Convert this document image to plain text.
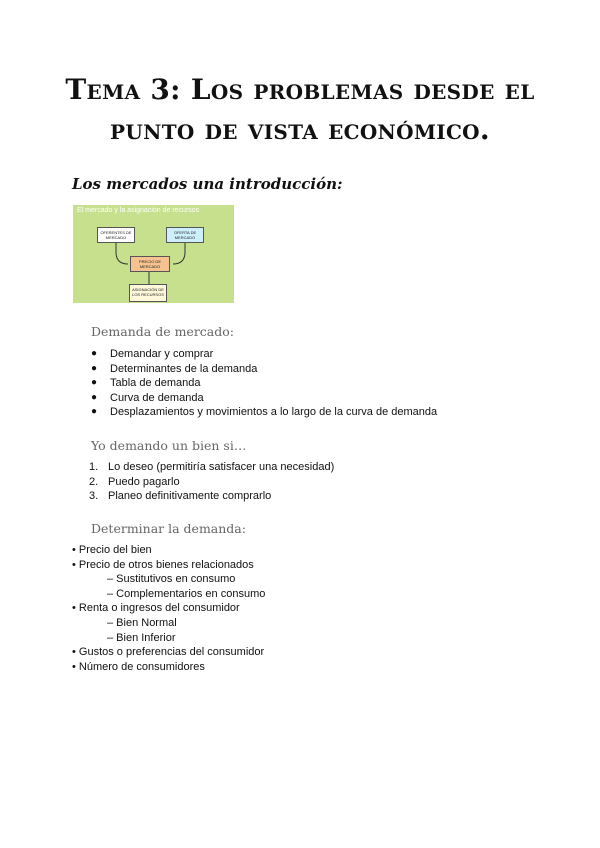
Tema 3: Los problemas desde el
punto de vista económico.
Los mercados una introducción:
El mercado y la asignación de recursos
OFERENTES DE MERCADO
OFERTA DE MERCADO
PRECIO DE MERCADO
ASIGNACIÓN DE LOS RECURSOS
Demanda de mercado:
● Demandar y comprar
● Determinantes de la demanda
● Tabla de demanda
● Curva de demanda
● Desplazamientos y movimientos a lo largo de la curva de demanda
Yo demando un bien si…
1. Lo deseo (permitiría satisfacer una necesidad)
2. Puedo pagarlo
3. Planeo definitivamente comprarlo
Determinar la demanda:
• Precio del bien
• Precio de otros bienes relacionados
– Sustitutivos en consumo
– Complementarios en consumo
• Renta o ingresos del consumidor
– Bien Normal
– Bien Inferior
• Gustos o preferencias del consumidor
• Número de consumidores
